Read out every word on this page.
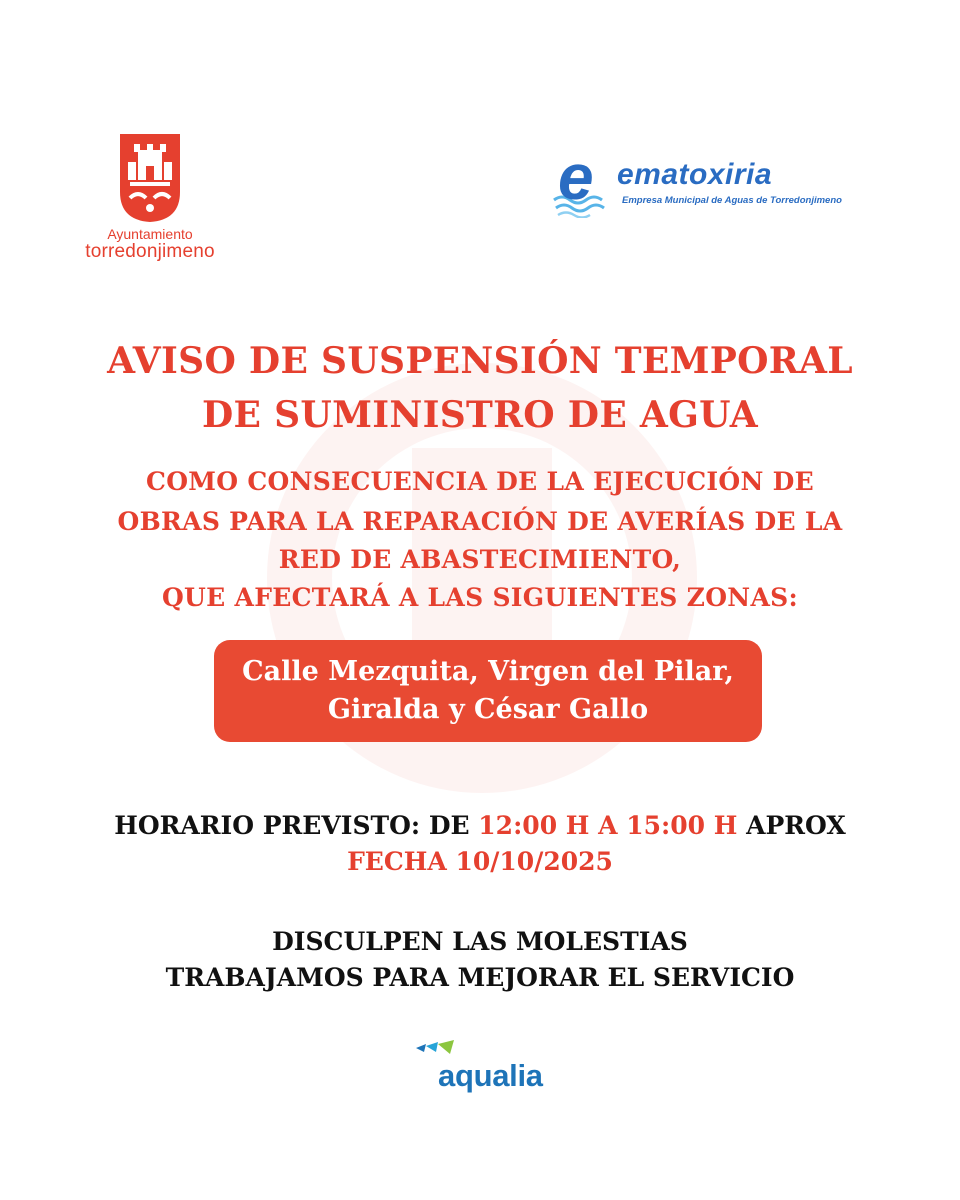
Ayuntamiento
torredonjimeno
e ematoxiria
Empresa Municipal de Aguas de Torredonjimeno
AVISO DE SUSPENSIÓN TEMPORAL
DE SUMINISTRO DE AGUA
COMO CONSECUENCIA DE LA EJECUCIÓN DE
OBRAS PARA LA REPARACIÓN DE AVERÍAS DE LA
RED DE ABASTECIMIENTO,
QUE AFECTARÁ A LAS SIGUIENTES ZONAS:
Calle Mezquita, Virgen del Pilar,
Giralda y César Gallo
HORARIO PREVISTO: DE 12:00 H A 15:00 H APROX
FECHA 10/10/2025
DISCULPEN LAS MOLESTIAS
TRABAJAMOS PARA MEJORAR EL SERVICIO
aqualia
